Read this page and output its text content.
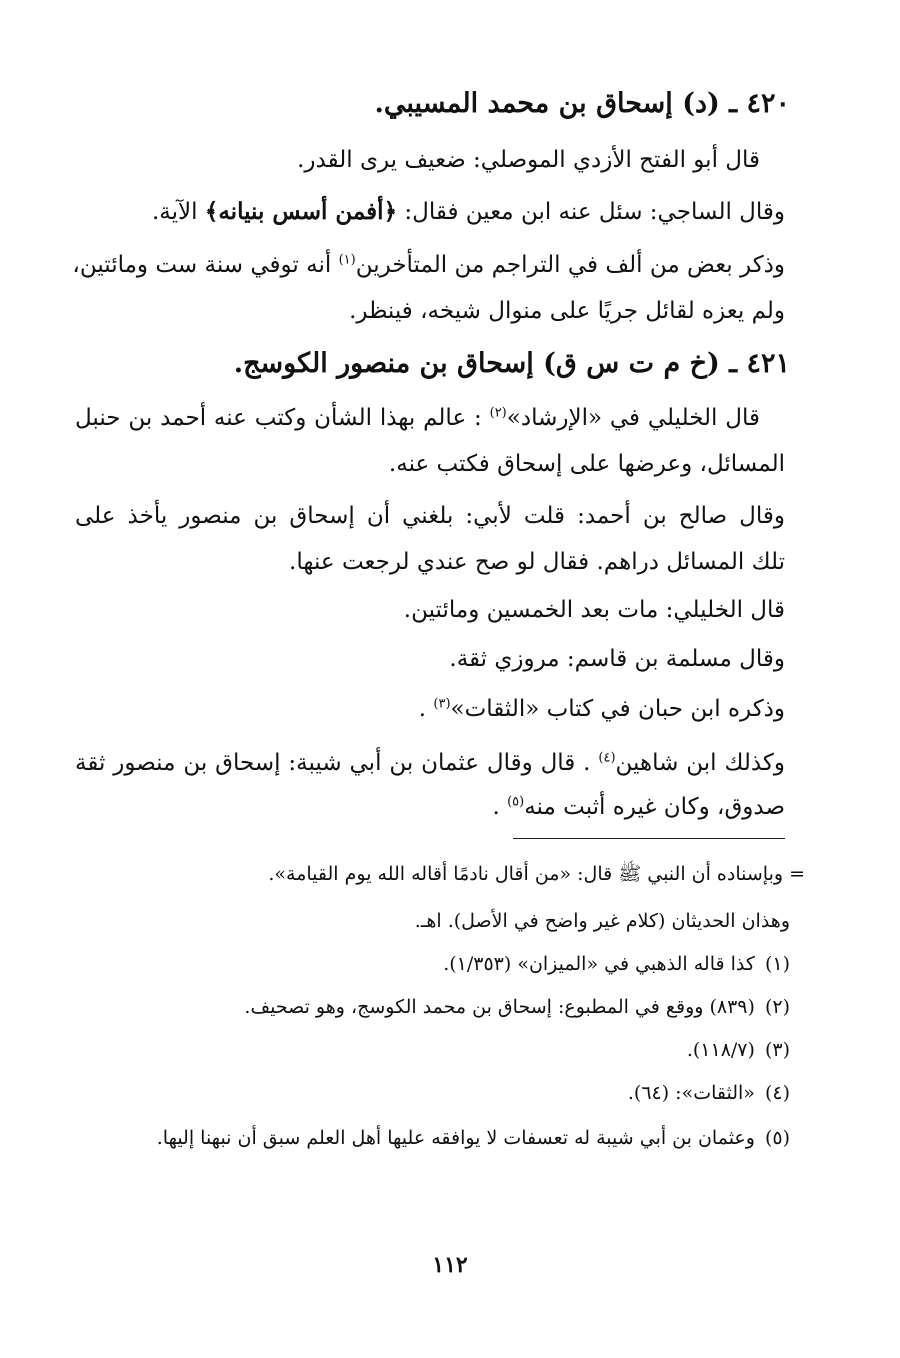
٤٢٠ ـ (د) إسحاق بن محمد المسيبي.
قال أبو الفتح الأزدي الموصلي: ضعيف يرى القدر.
وقال الساجي: سئل عنه ابن معين فقال: ﴿أفمن أسس بنيانه﴾ الآية.
وذكر بعض من ألف في التراجم من المتأخرين$^{(١)}$ أنه توفي سنة ست ومائتين،
ولم يعزه لقائل جريًا على منوال شيخه، فينظر.
٤٢١ ـ (خ م ت س ق) إسحاق بن منصور الكوسج.
قال الخليلي في «الإرشاد»$^{(٢)}$ : عالم بهذا الشأن وكتب عنه أحمد بن حنبل
المسائل، وعرضها على إسحاق فكتب عنه.
وقال صالح بن أحمد: قلت لأبي: بلغني أن إسحاق بن منصور يأخذ على
تلك المسائل دراهم. فقال لو صح عندي لرجعت عنها.
قال الخليلي: مات بعد الخمسين ومائتين.
وقال مسلمة بن قاسم: مروزي ثقة.
وذكره ابن حبان في كتاب «الثقات»$^{(٣)}$ .
وكذلك ابن شاهين$^{(٤)}$ . قال وقال عثمان بن أبي شيبة: إسحاق بن منصور ثقة
صدوق، وكان غيره أثبت منه$^{(٥)}$ .
= وبإسناده أن النبي ﷺ قال: «من أقال نادمًا أقاله الله يوم القيامة».
وهذان الحديثان (كلام غير واضح في الأصل). اهـ.
(١)كذا قاله الذهبي في «الميزان» (١/٣٥٣).
(٢)(٨٣٩) ووقع في المطبوع: إسحاق بن محمد الكوسج، وهو تصحيف.
(٣)(١١٨/٧).
(٤)«الثقات»: (٦٤).
(٥)وعثمان بن أبي شيبة له تعسفات لا يوافقه عليها أهل العلم سبق أن نبهنا إليها.
١١٢
